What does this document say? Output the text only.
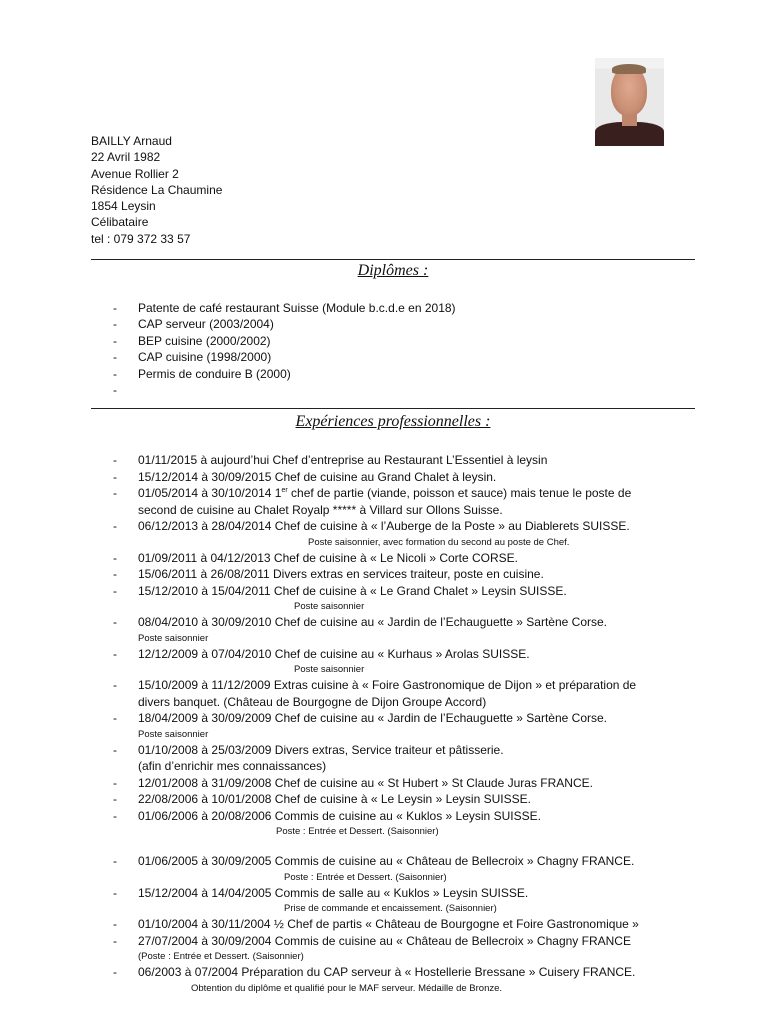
BAILLY Arnaud
22 Avril 1982
Avenue Rollier 2
Résidence La Chaumine
1854 Leysin
Célibataire
tel : 079 372 33 57
Diplômes :
- Patente de café restaurant Suisse (Module b.c.d.e en 2018)
- CAP serveur (2003/2004)
- BEP cuisine (2000/2002)
- CAP cuisine (1998/2000)
- Permis de conduire B (2000)
-
Expériences professionnelles :
- 01/11/2015 à aujourd’hui Chef d’entreprise au Restaurant L’Essentiel à leysin
- 15/12/2014 à 30/09/2015 Chef de cuisine au Grand Chalet à leysin.
- 01/05/2014 à 30/10/2014 1er chef de partie (viande, poisson et sauce) mais tenue le poste de
second de cuisine au Chalet Royalp ***** à Villard sur Ollons Suisse.
- 06/12/2013 à 28/04/2014 Chef de cuisine à « l’Auberge de la Poste » au Diablerets SUISSE.
Poste saisonnier, avec formation du second au poste de Chef.
- 01/09/2011 à 04/12/2013 Chef de cuisine à « Le Nicoli » Corte CORSE.
- 15/06/2011 à 26/08/2011 Divers extras en services traiteur, poste en cuisine.
- 15/12/2010 à 15/04/2011 Chef de cuisine à « Le Grand Chalet » Leysin SUISSE.
Poste saisonnier
- 08/04/2010 à 30/09/2010 Chef de cuisine au « Jardin de l’Echauguette » Sartène Corse.
Poste saisonnier
- 12/12/2009 à 07/04/2010 Chef de cuisine au « Kurhaus » Arolas SUISSE.
Poste saisonnier
- 15/10/2009 à 11/12/2009 Extras cuisine à « Foire Gastronomique de Dijon » et préparation de
divers banquet. (Château de Bourgogne de Dijon Groupe Accord)
- 18/04/2009 à 30/09/2009 Chef de cuisine au « Jardin de l’Echauguette » Sartène Corse.
Poste saisonnier
- 01/10/2008 à 25/03/2009 Divers extras, Service traiteur et pâtisserie.
(afin d’enrichir mes connaissances)
- 12/01/2008 à 31/09/2008 Chef de cuisine au « St Hubert » St Claude Juras FRANCE.
- 22/08/2006 à 10/01/2008 Chef de cuisine à « Le Leysin » Leysin SUISSE.
- 01/06/2006 à 20/08/2006 Commis de cuisine au « Kuklos » Leysin SUISSE.
Poste : Entrée et Dessert. (Saisonnier)
- 01/06/2005 à 30/09/2005 Commis de cuisine au « Château de Bellecroix » Chagny FRANCE.
Poste : Entrée et Dessert. (Saisonnier)
- 15/12/2004 à 14/04/2005 Commis de salle au « Kuklos » Leysin SUISSE.
Prise de commande et encaissement. (Saisonnier)
- 01/10/2004 à 30/11/2004 ½ Chef de partis « Château de Bourgogne et Foire Gastronomique »
- 27/07/2004 à 30/09/2004 Commis de cuisine au « Château de Bellecroix » Chagny FRANCE
(Poste : Entrée et Dessert. (Saisonnier)
- 06/2003 à 07/2004 Préparation du CAP serveur à « Hostellerie Bressane » Cuisery FRANCE.
Obtention du diplôme et qualifié pour le MAF serveur. Médaille de Bronze.
